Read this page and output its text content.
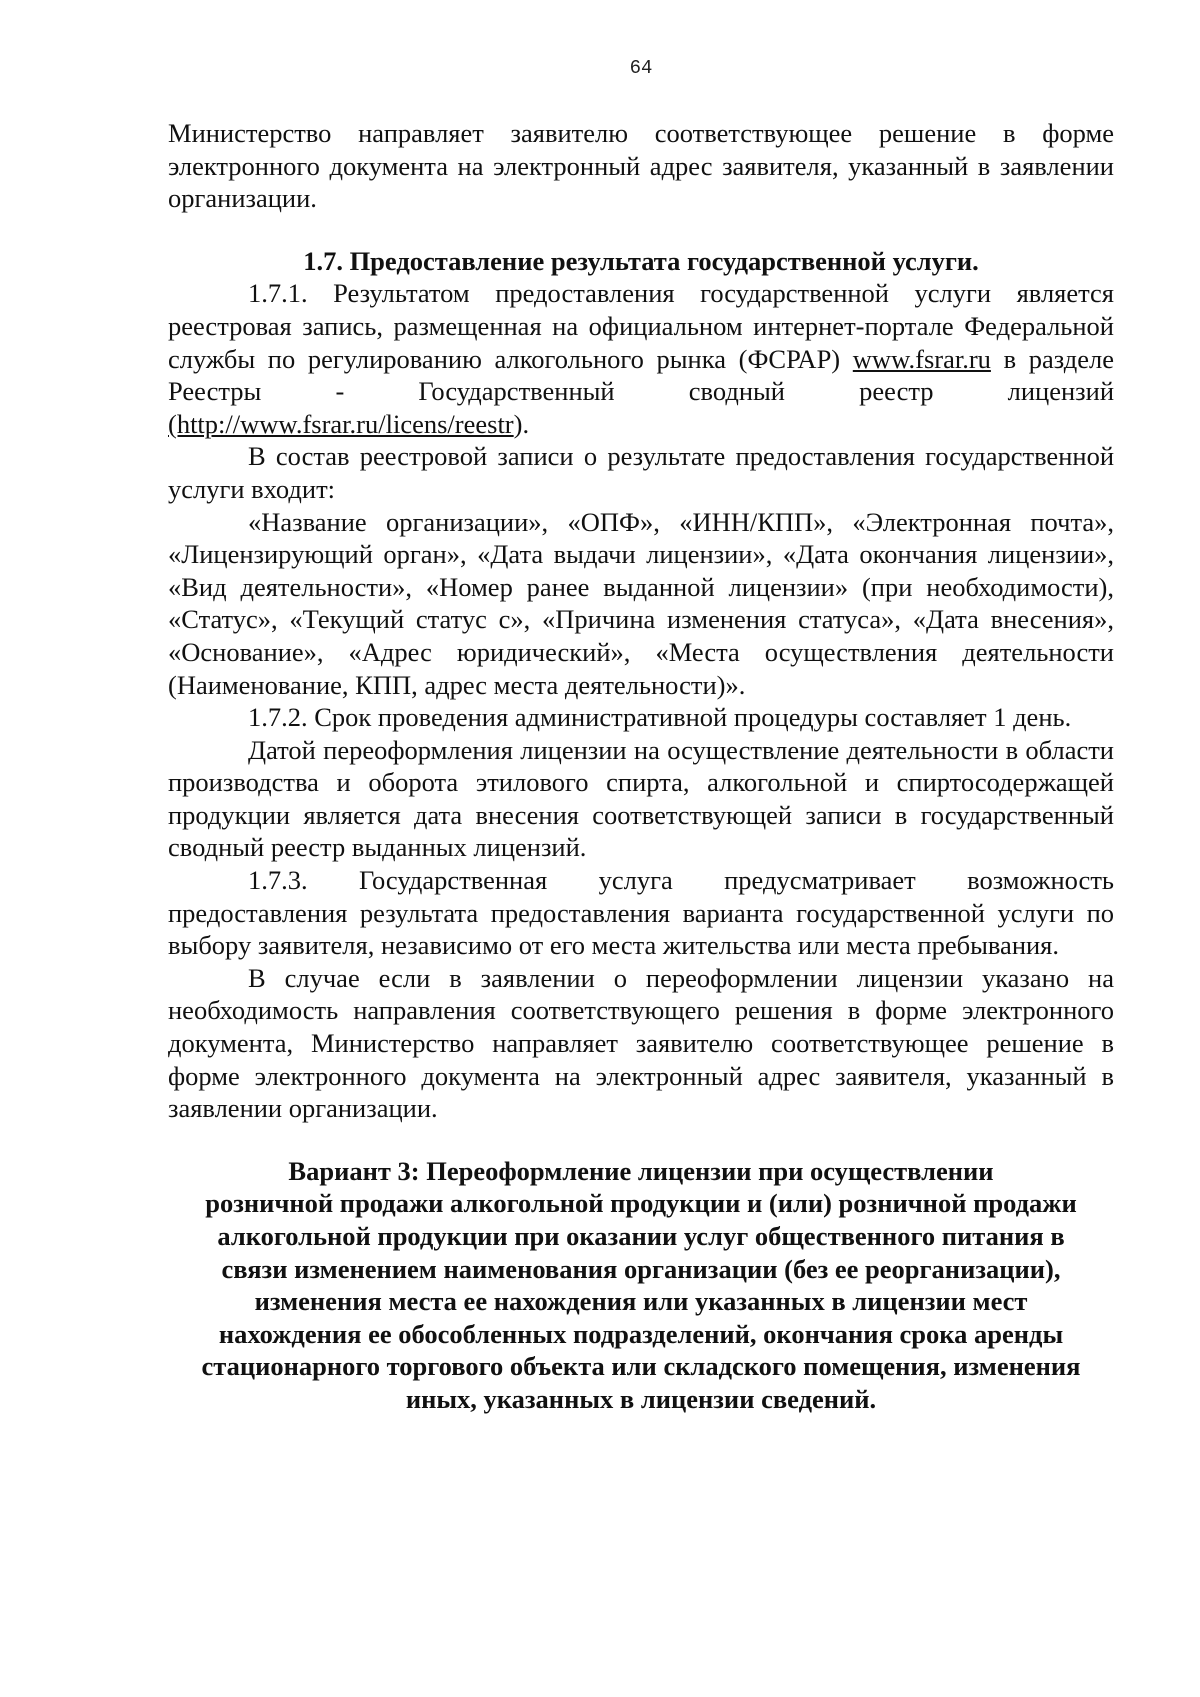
64

Министерство направляет заявителю соответствующее решение в форме электронного документа на электронный адрес заявителя, указанный в заявлении организации.

1.7. Предоставление результата государственной услуги.

1.7.1. Результатом предоставления государственной услуги является реестровая запись, размещенная на официальном интернет-портале Федеральной службы по регулированию алкогольного рынка (ФСРАР) www.fsrar.ru в разделе Реестры - Государственный сводный реестр лицензий (http://www.fsrar.ru/licens/reestr).

В состав реестровой записи о результате предоставления государственной услуги входит:

«Название организации», «ОПФ», «ИНН/КПП», «Электронная почта», «Лицензирующий орган», «Дата выдачи лицензии», «Дата окончания лицензии», «Вид деятельности», «Номер ранее выданной лицензии» (при необходимости), «Статус», «Текущий статус с», «Причина изменения статуса», «Дата внесения», «Основание», «Адрес юридический», «Места осуществления деятельности (Наименование, КПП, адрес места деятельности)».

1.7.2. Срок проведения административной процедуры составляет 1 день.

Датой переоформления лицензии на осуществление деятельности в области производства и оборота этилового спирта, алкогольной и спиртосодержащей продукции является дата внесения соответствующей записи в государственный сводный реестр выданных лицензий.

1.7.3. Государственная услуга предусматривает возможность предоставления результата предоставления варианта государственной услуги по выбору заявителя, независимо от его места жительства или места пребывания.

В случае если в заявлении о переоформлении лицензии указано на необходимость направления соответствующего решения в форме электронного документа, Министерство направляет заявителю соответствующее решение в форме электронного документа на электронный адрес заявителя, указанный в заявлении организации.

Вариант 3: Переоформление лицензии при осуществлении
розничной продажи алкогольной продукции и (или) розничной продажи
алкогольной продукции при оказании услуг общественного питания в
связи изменением наименования организации (без ее реорганизации),
изменения места ее нахождения или указанных в лицензии мест
нахождения ее обособленных подразделений, окончания срока аренды
стационарного торгового объекта или складского помещения, изменения
иных, указанных в лицензии сведений.
